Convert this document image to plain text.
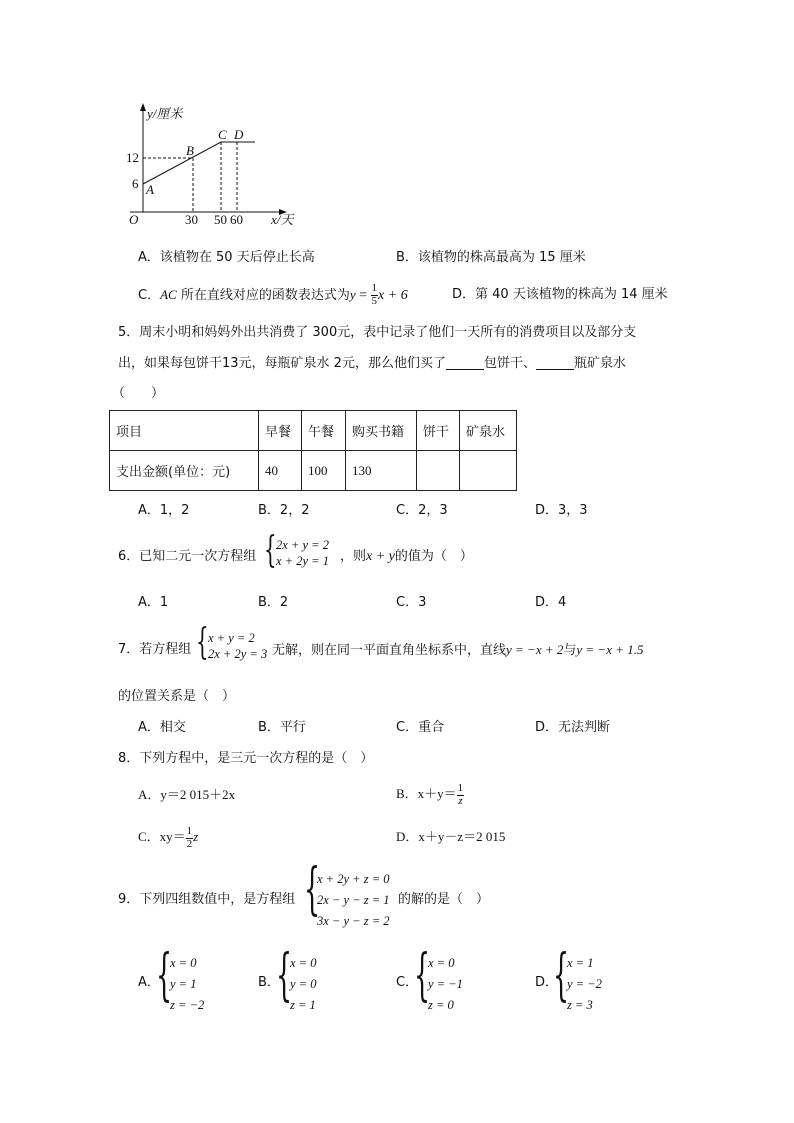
y/厘米
x/天
O
12
6
30 50 60
A
B
C D
A．该植物在 50 天后停止长高	B．该植物的株高最高为 15 厘米
C．AC 所在直线对应的函数表达式为$y = \frac{1}{5}$ x + 6	D．第 40 天该植物的株高为 14 厘米
5．周末小明和妈妈外出共消费了 300元，表中记录了他们一天所有的消费项目以及部分支
出，如果每包饼干13元，每瓶矿泉水 2元，那么他们买了	包饼干、	瓶矿泉水
（　　）
项目	早餐	午餐	购买书籍	饼干	矿泉水
支出金额(单位：元)	40	100	130		
A．1，2	B．2，2	C．2，3	D．3，3
6．已知二元一次方程组 { 2x + y = 2
x + 2y = 1 ，则x + y的值为（　）
A．1	B．2	C．3	D．4
7．若方程组 { x + y = 2
2x + 2y = 3 无解，则在同一平面直角坐标系中，直线y = −x + 2与y = −x + 1.5
的位置关系是（　）
A．相交	B．平行	C．重合	D．无法判断
8．下列方程中，是三元一次方程的是（　）
A．y＝2 015＋2x	B．$x+y= \frac{1}{z}$
C．$xy= \frac{1}{2}$ z	D．x＋y－z＝2 015
9．下列四组数值中，是方程组 {
x + 2y + z = 0
2x − y − z = 1
3x − y − z = 2
的解的是（　）
A．
{
x = 0
y = 1
z = −2
B．
{
x = 0
y = 0
z = 1
C．
{
x = 0
y = −1
z = 0
D．
{
x = 1
y = −2
z = 3
